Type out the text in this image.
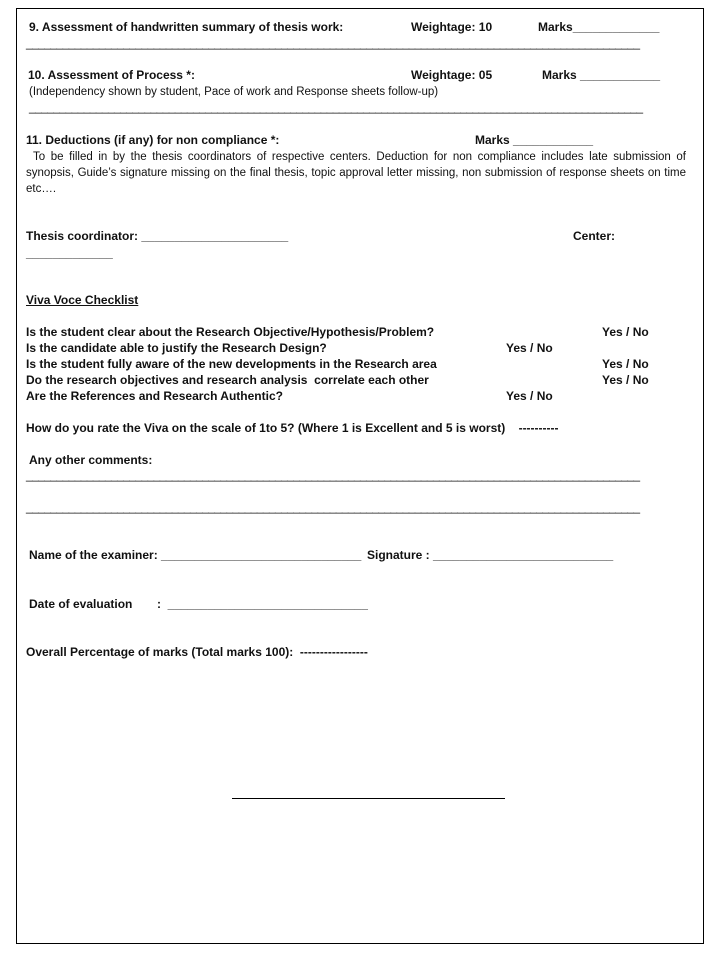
9. Assessment of handwritten summary of thesis work:	Weightage: 10	Marks_____________
_____________________________________________________________________________________________________
10. Assessment of Process *:	Weightage: 05	Marks ____________
(Independency shown by student, Pace of work and Response sheets follow-up)
_____________________________________________________________________________________________________
11. Deductions (if any) for non compliance *:	Marks ____________
To be filled in by the thesis coordinators of respective centers. Deduction for non compliance includes late submission of synopsis, Guide’s signature missing on the final thesis, topic approval letter missing, non submission of response sheets on time etc….
Thesis coordinator: ______________________	Center:
_____________
Viva Voce Checklist
Is the student clear about the Research Objective/Hypothesis/Problem?	Yes / No
Is the candidate able to justify the Research Design?	Yes / No
Is the student fully aware of the new developments in the Research area	Yes / No
Do the research objectives and research analysis  correlate each other	Yes / No
Are the References and Research Authentic?	Yes / No
How do you rate the Viva on the scale of 1to 5? (Where 1 is Excellent and 5 is worst)    ----------
Any other comments:
_____________________________________________________________________________________________________
_____________________________________________________________________________________________________
Name of the examiner: ______________________________ Signature : ___________________________
Date of evaluation :  ______________________________
Overall Percentage of marks (Total marks 100):  -----------------
